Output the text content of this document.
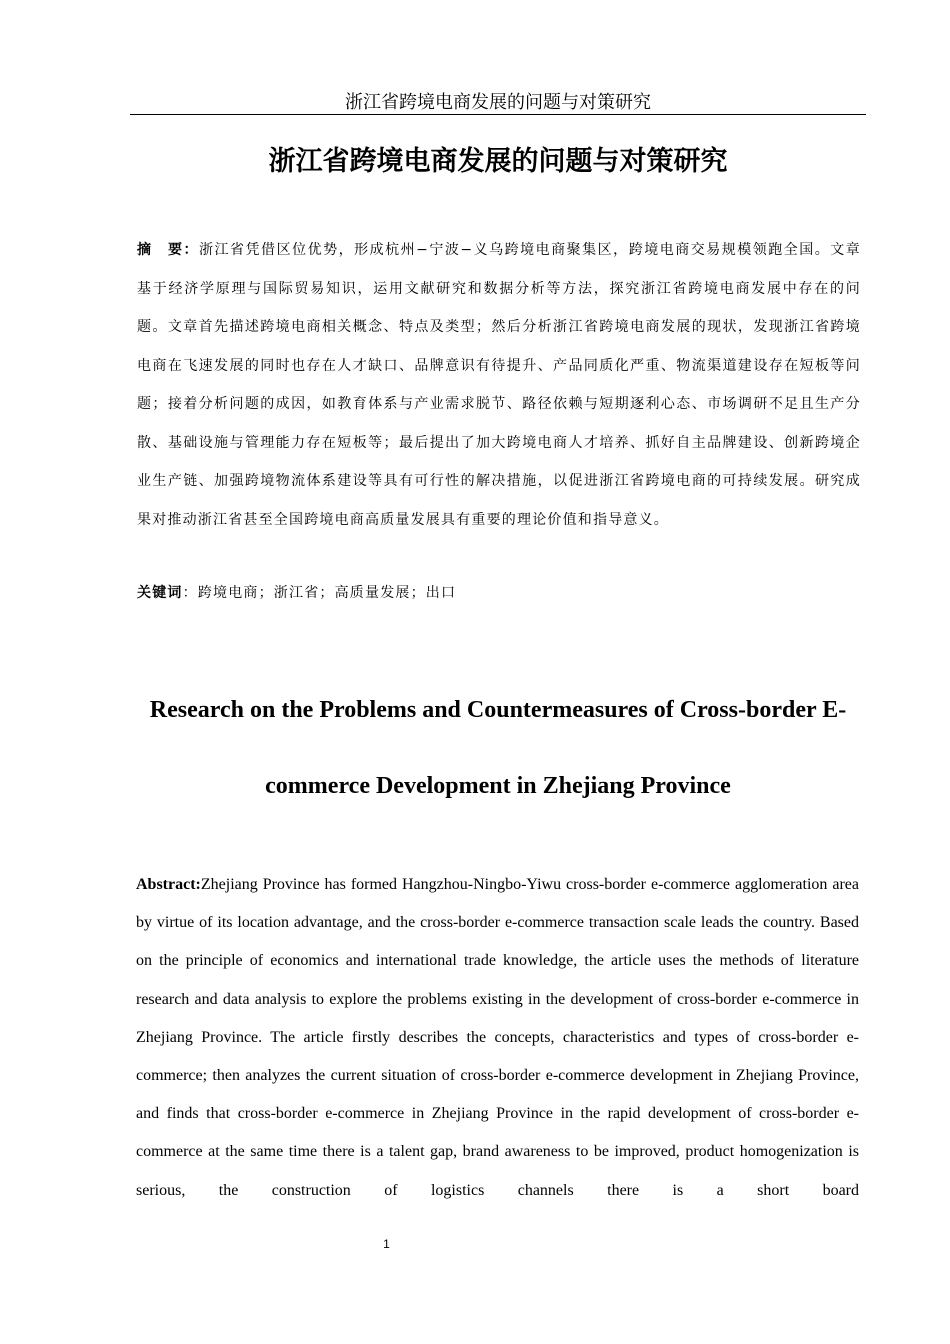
浙江省跨境电商发展的问题与对策研究
浙江省跨境电商发展的问题与对策研究

摘　要：浙江省凭借区位优势，形成杭州−宁波−义乌跨境电商聚集区，跨境电商交易规模领跑全国。文章基于经济学原理与国际贸易知识，运用文献研究和数据分析等方法，探究浙江省跨境电商发展中存在的问题。文章首先描述跨境电商相关概念、特点及类型；然后分析浙江省跨境电商发展的现状，发现浙江省跨境电商在飞速发展的同时也存在人才缺口、品牌意识有待提升、产品同质化严重、物流渠道建设存在短板等问题；接着分析问题的成因，如教育体系与产业需求脱节、路径依赖与短期逐利心态、市场调研不足且生产分散、基础设施与管理能力存在短板等；最后提出了加大跨境电商人才培养、抓好自主品牌建设、创新跨境企业生产链、加强跨境物流体系建设等具有可行性的解决措施，以促进浙江省跨境电商的可持续发展。研究成果对推动浙江省甚至全国跨境电商高质量发展具有重要的理论价值和指导意义。

关键词：跨境电商；浙江省；高质量发展；出口

Research on the Problems and Countermeasures of Cross-border E-commerce Development in Zhejiang Province

Abstract:Zhejiang Province has formed Hangzhou-Ningbo-Yiwu cross-border e-commerce agglomeration area by virtue of its location advantage, and the cross-border e-commerce transaction scale leads the country. Based on the principle of economics and international trade knowledge, the article uses the methods of literature research and data analysis to explore the problems existing in the development of cross-border e-commerce in Zhejiang Province. The article firstly describes the concepts, characteristics and types of cross-border e-commerce; then analyzes the current situation of cross-border e-commerce development in Zhejiang Province, and finds that cross-border e-commerce in Zhejiang Province in the rapid development of cross-border e-commerce at the same time there is a talent gap, brand awareness to be improved, product homogenization is serious, the construction of logistics channels there is a short board

1
